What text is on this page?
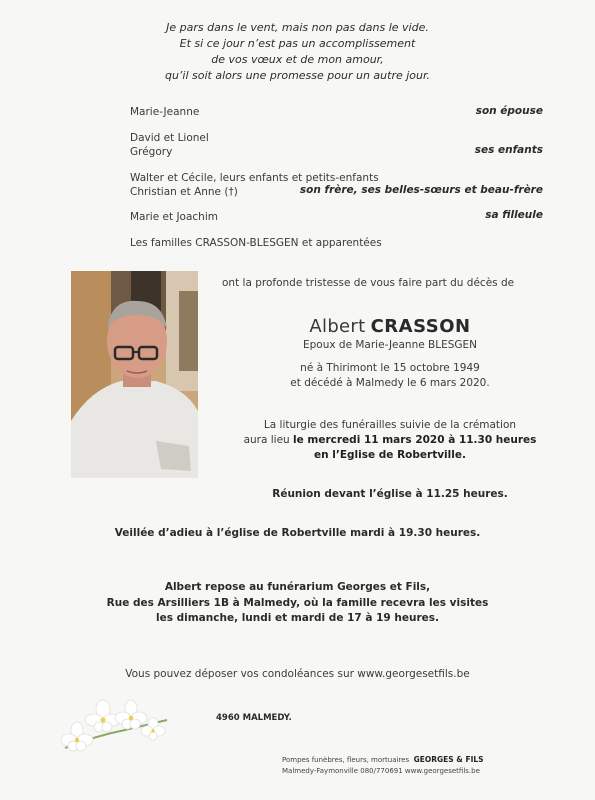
Je pars dans le vent, mais non pas dans le vide.
Et si ce jour n’est pas un accomplissement
de vos vœux et de mon amour,
qu’il soit alors une promesse pour un autre jour.
Marie-Jeanne	son épouse
David et Lionel
Grégory	ses enfants
Walter et Cécile, leurs enfants et petits-enfants
Christian et Anne (†)	son frère, ses belles-sœurs et beau-frère
Marie et Joachim	sa filleule
Les familles CRASSON-BLESGEN et apparentées
ont la profonde tristesse de vous faire part du décès de
Albert CRASSON
Epoux de Marie-Jeanne BLESGEN
né à Thirimont le 15 octobre 1949
et décédé à Malmedy le 6 mars 2020.
La liturgie des funérailles suivie de la crémation
aura lieu le mercredi 11 mars 2020 à 11.30 heures
en l’Eglise de Robertville.
Réunion devant l’église à 11.25 heures.
Veillée d’adieu à l’église de Robertville mardi à 19.30 heures.
Albert repose au funérarium Georges et Fils,
Rue des Arsilliers 1B à Malmedy, où la famille recevra les visites
les dimanche, lundi et mardi de 17 à 19 heures.
Vous pouvez déposer vos condoléances sur www.georgesetfils.be
4960 MALMEDY.
Pompes funèbres, fleurs, mortuaires GEORGES & FILS
Malmedy-Faymonville 080/770691 www.georgesetfils.be
